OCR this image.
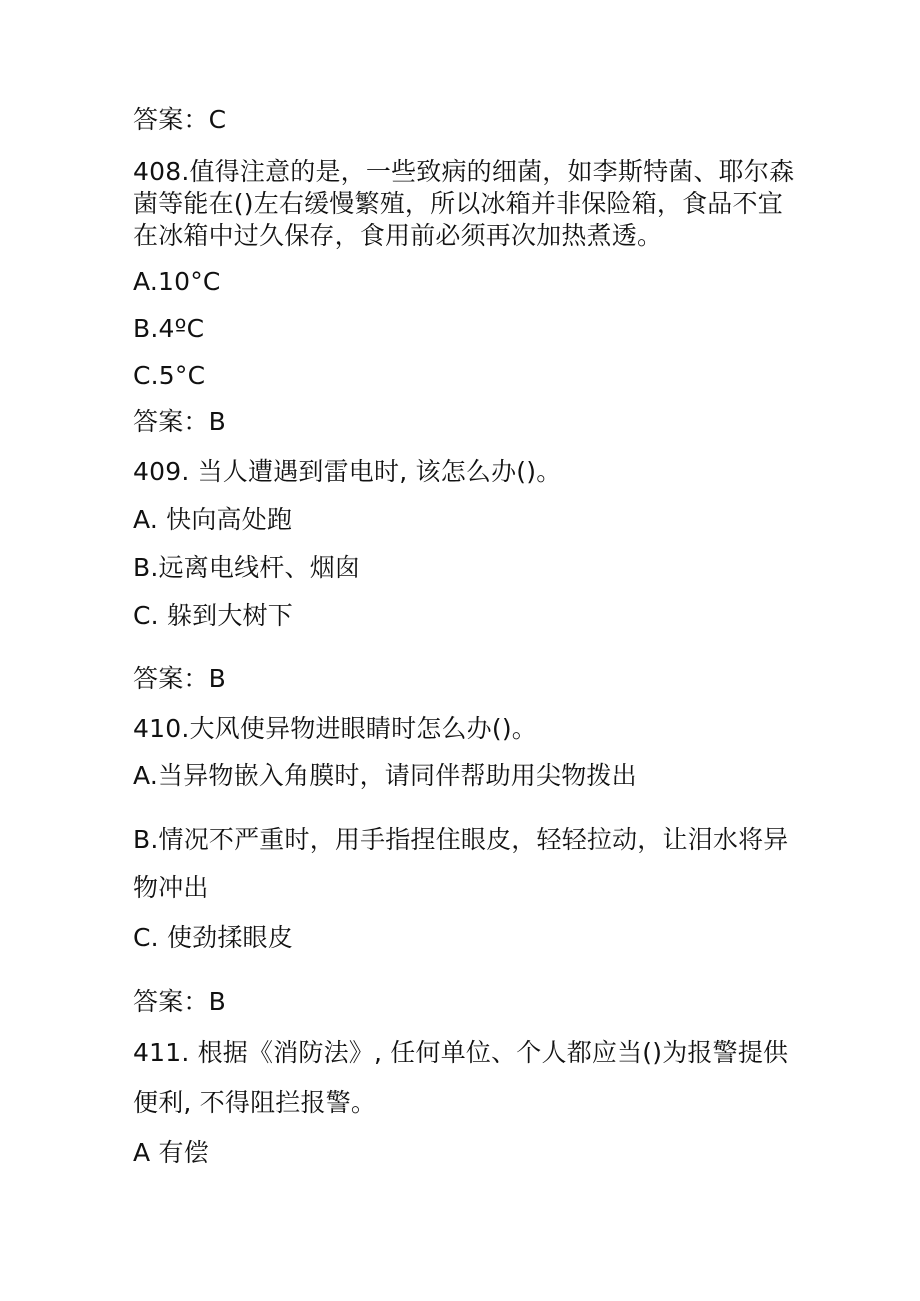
答案：C
408.值得注意的是，一些致病的细菌，如李斯特菌、耶尔森
菌等能在()左右缓慢繁殖，所以冰箱并非保险箱，食品不宜
在冰箱中过久保存，食用前必须再次加热煮透。
A.10°C
B.4ºC
C.5°C
答案：B
409. 当人遭遇到雷电时, 该怎么办()。
A. 快向高处跑
B.远离电线杆、烟囱
C. 躲到大树下
答案：B
410.大风使异物进眼睛时怎么办()。
A.当异物嵌入角膜时，请同伴帮助用尖物拨出
B.情况不严重时，用手指捏住眼皮，轻轻拉动，让泪水将异
物冲出
C. 使劲揉眼皮
答案：B
411. 根据《消防法》, 任何单位、个人都应当()为报警提供
便利, 不得阻拦报警。
A 有偿
